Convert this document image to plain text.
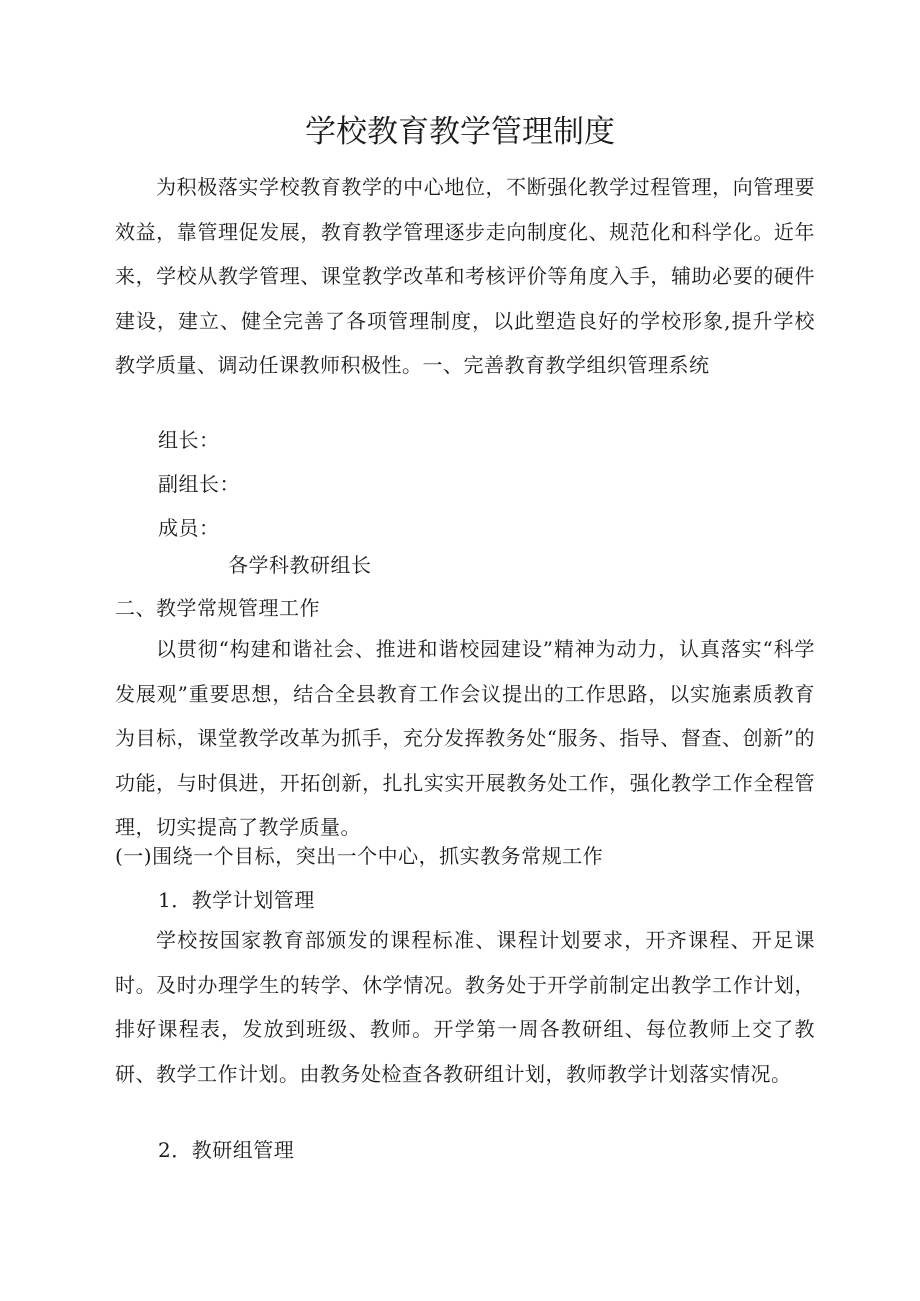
学校教育教学管理制度

为积极落实学校教育教学的中心地位，不断强化教学过程管理，向管理要效益，靠管理促发展，教育教学管理逐步走向制度化、规范化和科学化。近年来，学校从教学管理、课堂教学改革和考核评价等角度入手，辅助必要的硬件建设，建立、健全完善了各项管理制度，以此塑造良好的学校形象,提升学校教学质量、调动任课教师积极性。一、完善教育教学组织管理系统

组长：

副组长：

成员：

各学科教研组长

二、教学常规管理工作

以贯彻“构建和谐社会、推进和谐校园建设”精神为动力，认真落实“科学发展观”重要思想，结合全县教育工作会议提出的工作思路，以实施素质教育为目标，课堂教学改革为抓手，充分发挥教务处“服务、指导、督查、创新”的功能，与时俱进，开拓创新，扎扎实实开展教务处工作，强化教学工作全程管理，切实提高了教学质量。

(一)围绕一个目标，突出一个中心，抓实教务常规工作

1．教学计划管理

学校按国家教育部颁发的课程标准、课程计划要求，开齐课程、开足课时。及时办理学生的转学、休学情况。教务处于开学前制定出教学工作计划，排好课程表，发放到班级、教师。开学第一周各教研组、每位教师上交了教研、教学工作计划。由教务处检查各教研组计划，教师教学计划落实情况。

2．教研组管理
